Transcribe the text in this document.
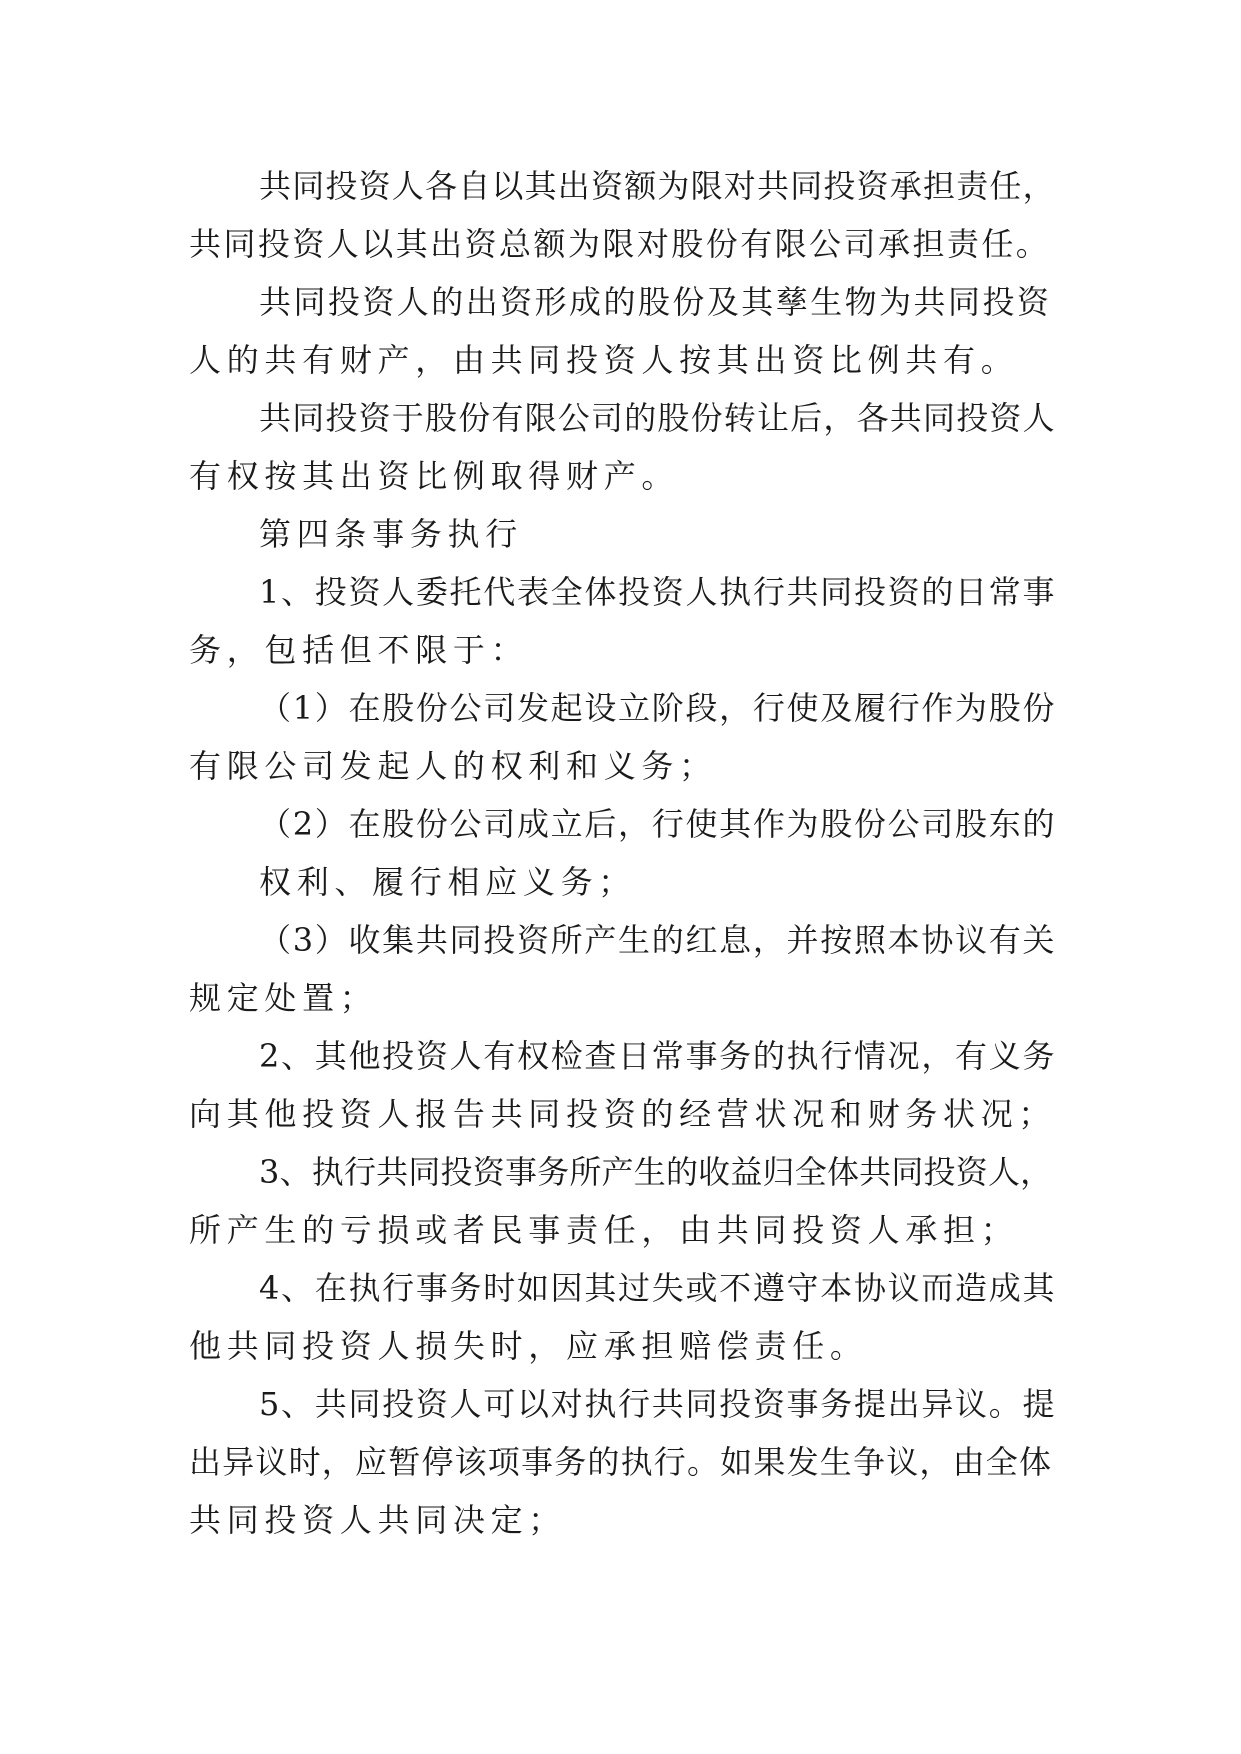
共同投资人各自以其出资额为限对共同投资承担责任，
共同投资人以其出资总额为限对股份有限公司承担责任。
共同投资人的出资形成的股份及其孳生物为共同投资
人的共有财产，由共同投资人按其出资比例共有。
共同投资于股份有限公司的股份转让后，各共同投资人
有权按其出资比例取得财产。
第四条事务执行
1、投资人委托代表全体投资人执行共同投资的日常事
务，包括但不限于：
（1）在股份公司发起设立阶段，行使及履行作为股份
有限公司发起人的权利和义务；
（2）在股份公司成立后，行使其作为股份公司股东的
权利、履行相应义务；
（3）收集共同投资所产生的红息，并按照本协议有关
规定处置；
2、其他投资人有权检查日常事务的执行情况，有义务
向其他投资人报告共同投资的经营状况和财务状况；
3、执行共同投资事务所产生的收益归全体共同投资人，
所产生的亏损或者民事责任，由共同投资人承担；
4、在执行事务时如因其过失或不遵守本协议而造成其
他共同投资人损失时，应承担赔偿责任。
5、共同投资人可以对执行共同投资事务提出异议。提
出异议时，应暂停该项事务的执行。如果发生争议，由全体
共同投资人共同决定；
